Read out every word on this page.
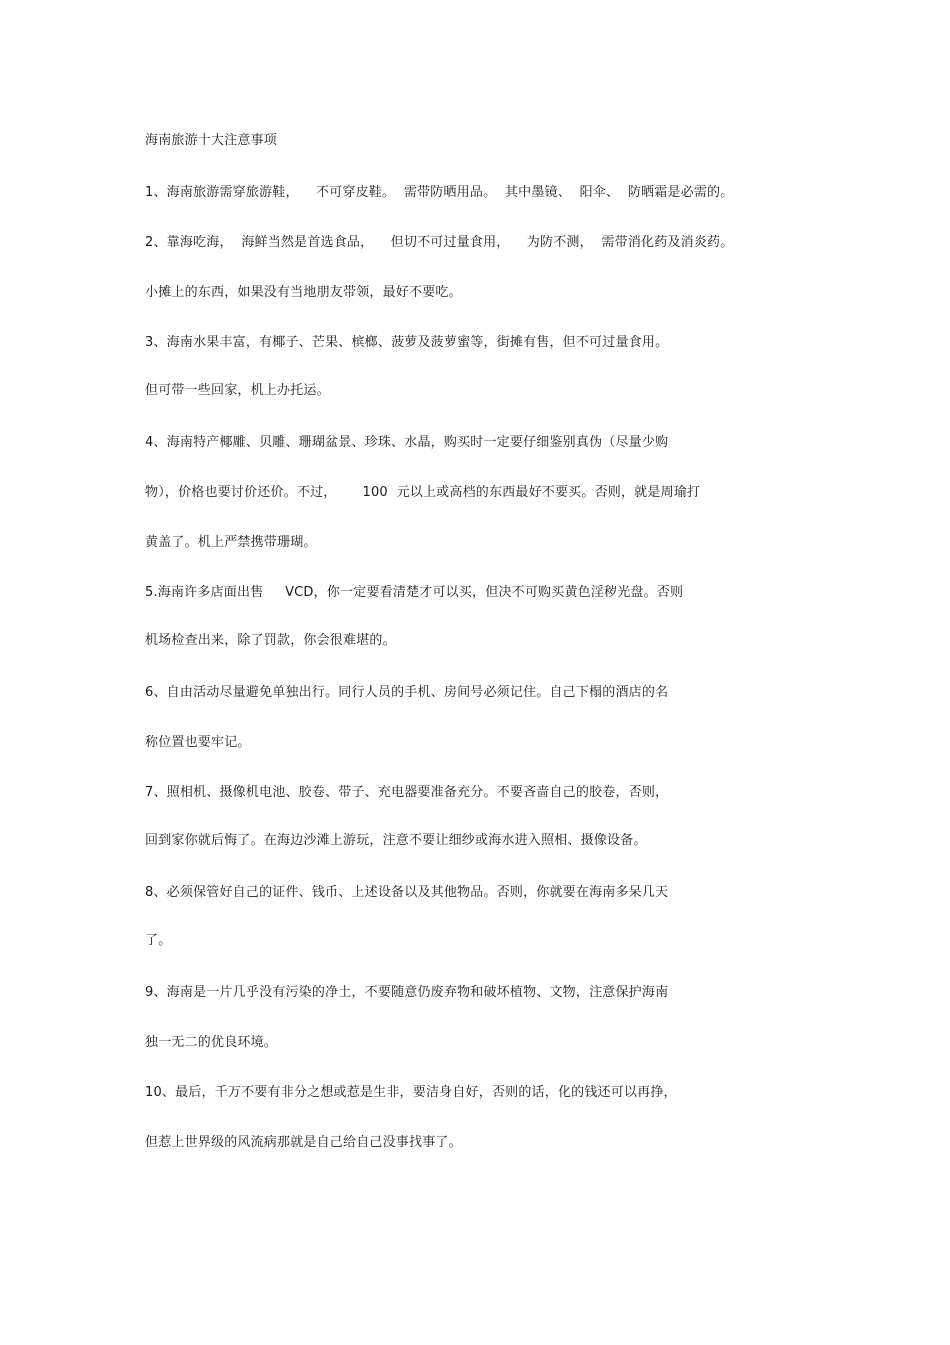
海南旅游十大注意事项
1、海南旅游需穿旅游鞋，    不可穿皮鞋。  需带防晒用品。  其中墨镜、  阳伞、  防晒霜是必需的。
2、靠海吃海，  海鲜当然是首选食品，    但切不可过量食用，    为防不测，  需带消化药及消炎药。
小摊上的东西，如果没有当地朋友带领，最好不要吃。
3、海南水果丰富，有椰子、芒果、槟榔、菠萝及菠萝蜜等，街摊有售，但不可过量食用。
但可带一些回家，机上办托运。
4、海南特产椰雕、贝雕、珊瑚盆景、珍珠、水晶，购买时一定要仔细鉴别真伪（尽量少购
物），价格也要讨价还价。不过，      100  元以上或高档的东西最好不要买。否则，就是周瑜打
黄盖了。机上严禁携带珊瑚。
5.海南许多店面出售     VCD，你一定要看清楚才可以买，但决不可购买黄色淫秽光盘。否则
机场检查出来，除了罚款，你会很难堪的。
6、自由活动尽量避免单独出行。同行人员的手机、房间号必须记住。自己下榻的酒店的名
称位置也要牢记。
7、照相机、摄像机电池、胶卷、带子、充电器要准备充分。不要吝啬自己的胶卷，否则，
回到家你就后悔了。在海边沙滩上游玩，注意不要让细纱或海水进入照相、摄像设备。
8、必须保管好自己的证件、钱币、上述设备以及其他物品。否则，你就要在海南多呆几天
了。
9、海南是一片几乎没有污染的净土，不要随意仍废弃物和破坏植物、文物，注意保护海南
独一无二的优良环境。
10、最后，千万不要有非分之想或惹是生非，要洁身自好，否则的话，化的钱还可以再挣，
但惹上世界级的风流病那就是自己给自己没事找事了。
